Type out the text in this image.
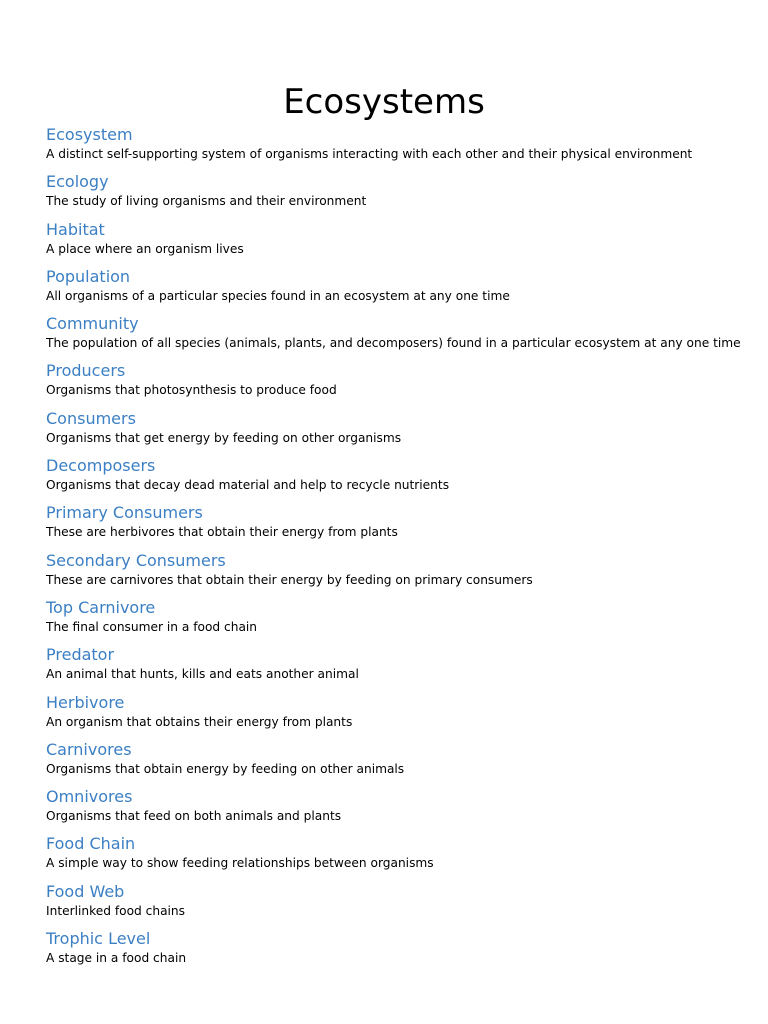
Ecosystems
Ecosystem
A distinct self-supporting system of organisms interacting with each other and their physical environment
Ecology
The study of living organisms and their environment
Habitat
A place where an organism lives
Population
All organisms of a particular species found in an ecosystem at any one time
Community
The population of all species (animals, plants, and decomposers) found in a particular ecosystem at any one time
Producers
Organisms that photosynthesis to produce food
Consumers
Organisms that get energy by feeding on other organisms
Decomposers
Organisms that decay dead material and help to recycle nutrients
Primary Consumers
These are herbivores that obtain their energy from plants
Secondary Consumers
These are carnivores that obtain their energy by feeding on primary consumers
Top Carnivore
The final consumer in a food chain
Predator
An animal that hunts, kills and eats another animal
Herbivore
An organism that obtains their energy from plants
Carnivores
Organisms that obtain energy by feeding on other animals
Omnivores
Organisms that feed on both animals and plants
Food Chain
A simple way to show feeding relationships between organisms
Food Web
Interlinked food chains
Trophic Level
A stage in a food chain
